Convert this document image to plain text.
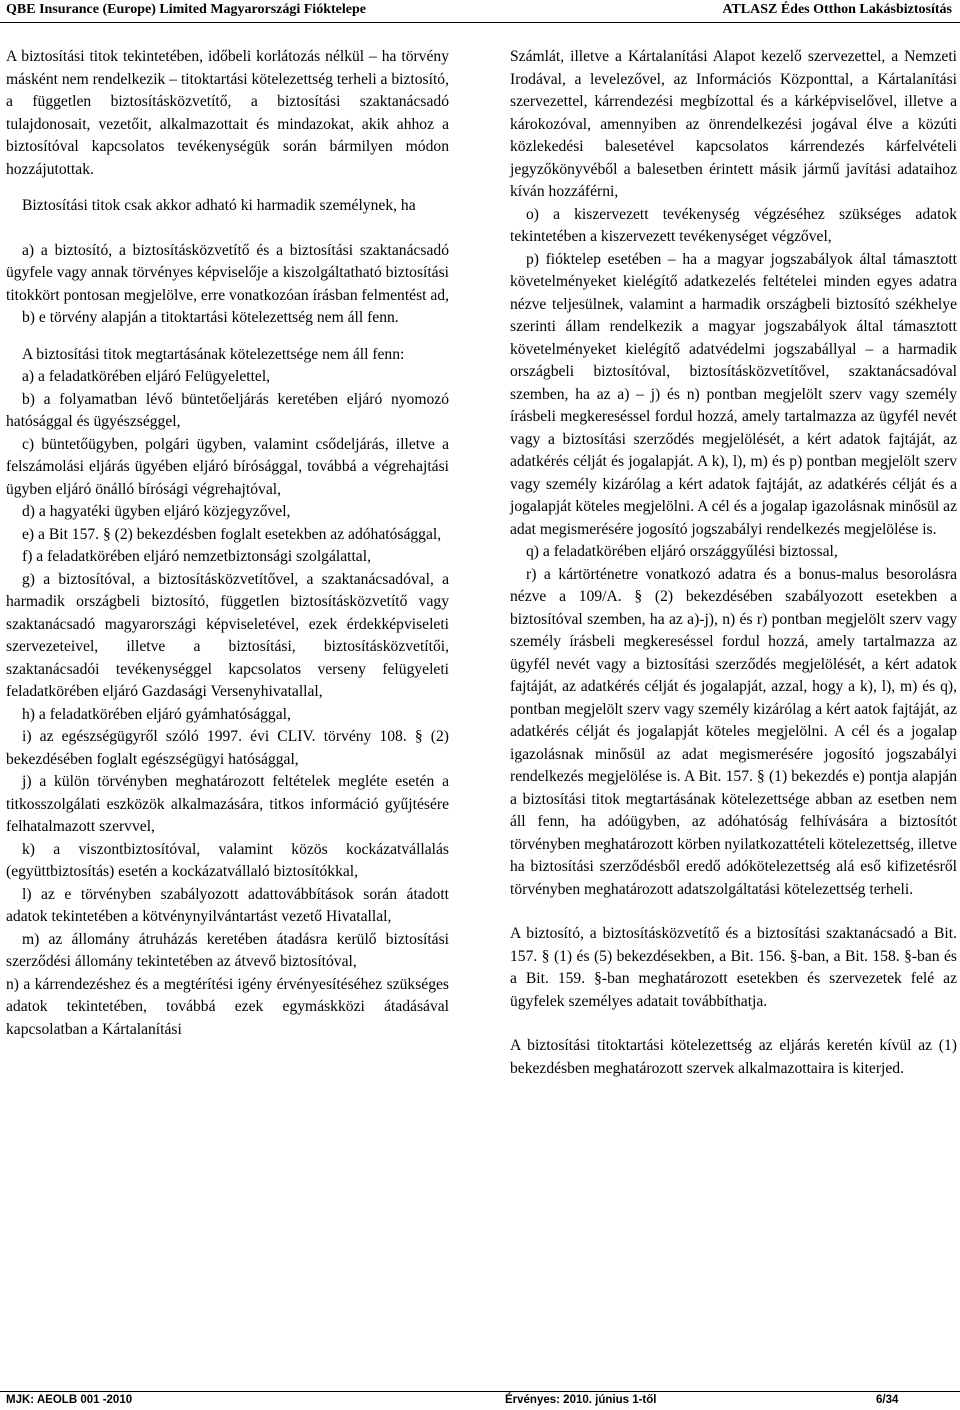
QBE Insurance (Europe) Limited Magyarországi Fióktelepe	ATLASZ Édes Otthon Lakásbiztosítás

A biztosítási titok tekintetében, időbeli korlátozás nélkül – ha törvény másként nem rendelkezik – titoktartási kötelezettség terheli a biztosító, a független biztosításközvetítő, a biztosítási szaktanácsadó tulajdonosait, vezetőit, alkalmazottait és mindazokat, akik ahhoz a biztosítóval kapcsolatos tevékenységük során bármilyen módon hozzájutottak.

Biztosítási titok csak akkor adható ki harmadik személynek, ha

a) a biztosító, a biztosításközvetítő és a biztosítási szaktanácsadó ügyfele vagy annak törvényes képviselője a kiszolgáltatható biztosítási titokkört pontosan megjelölve, erre vonatkozóan írásban felmentést ad,

b) e törvény alapján a titoktartási kötelezettség nem áll fenn.

A biztosítási titok megtartásának kötelezettsége nem áll fenn:

a) a feladatkörében eljáró Felügyelettel,

b) a folyamatban lévő büntetőeljárás keretében eljáró nyomozó hatósággal és ügyészséggel,

c) büntetőügyben, polgári ügyben, valamint csődeljárás, illetve a felszámolási eljárás ügyében eljáró bírósággal, továbbá a végrehajtási ügyben eljáró önálló bírósági végrehajtóval,

d) a hagyatéki ügyben eljáró közjegyzővel,

e) a Bit 157. § (2) bekezdésben foglalt esetekben az adóhatósággal,

f) a feladatkörében eljáró nemzetbiztonsági szolgálattal,

g) a biztosítóval, a biztosításközvetítővel, a szaktanácsadóval, a harmadik országbeli biztosító, független biztosításközvetítő vagy szaktanácsadó magyarországi képviseletével, ezek érdekképviseleti szervezeteivel, illetve a biztosítási, biztosításközvetítői, szaktanácsadói tevékenységgel kapcsolatos verseny felügyeleti feladatkörében eljáró Gazdasági Versenyhivatallal,

h) a feladatkörében eljáró gyámhatósággal,

i) az egészségügyről szóló 1997. évi CLIV. törvény 108. § (2) bekezdésében foglalt egészségügyi hatósággal,

j) a külön törvényben meghatározott feltételek megléte esetén a titkosszolgálati eszközök alkalmazására, titkos információ gyűjtésére felhatalmazott szervvel,

k) a viszontbiztosítóval, valamint közös kockázatvállalás (együttbiztosítás) esetén a kockázatvállaló biztosítókkal,

l) az e törvényben szabályozott adattovábbítások során átadott adatok tekintetében a kötvénynyilvántartást vezető Hivatallal,

m) az állomány átruházás keretében átadásra kerülő biztosítási szerződési állomány tekintetében az átvevő biztosítóval,

n) a kárrendezéshez és a megtérítési igény érvényesítéséhez szükséges adatok tekintetében, továbbá ezek egymáskközi átadásával kapcsolatban a Kártalanítási

Számlát, illetve a Kártalanítási Alapot kezelő szervezettel, a Nemzeti Irodával, a levelezővel, az Információs Központtal, a Kártalanítási szervezettel, kárrendezési megbízottal és a kárképviselővel, illetve a károkozóval, amennyiben az önrendelkezési jogával élve a közúti közlekedési balesetével kapcsolatos kárrendezés kárfelvételi jegyzőkönyvéből a balesetben érintett másik jármű javítási adataihoz kíván hozzáférni,

o) a kiszervezett tevékenység végzéséhez szükséges adatok tekintetében a kiszervezett tevékenységet végzővel,

p) fióktelep esetében – ha a magyar jogszabályok által támasztott követelményeket kielégítő adatkezelés feltételei minden egyes adatra nézve teljesülnek, valamint a harmadik országbeli biztosító székhelye szerinti állam rendelkezik a magyar jogszabályok által támasztott követelményeket kielégítő adatvédelmi jogszabállyal – a harmadik országbeli biztosítóval, biztosításközvetítővel, szaktanácsadóval szemben, ha az a) – j) és n) pontban megjelölt szerv vagy személy írásbeli megkereséssel fordul hozzá, amely tartalmazza az ügyfél nevét vagy a biztosítási szerződés megjelölését, a kért adatok fajtáját, az adatkérés célját és jogalapját. A k), l), m) és p) pontban megjelölt szerv vagy személy kizárólag a kért adatok fajtáját, az adatkérés célját és a jogalapját köteles megjelölni. A cél és a jogalap igazolásnak minősül az adat megismerésére jogosító jogszabályi rendelkezés megjelölése is.

q) a feladatkörében eljáró országgyűlési biztossal,

r) a kártörténetre vonatkozó adatra és a bonus-malus besorolásra nézve a 109/A. § (2) bekezdésében szabályozott esetekben a biztosítóval szemben, ha az a)-j), n) és r) pontban megjelölt szerv vagy személy írásbeli megkereséssel fordul hozzá, amely tartalmazza az ügyfél nevét vagy a biztosítási szerződés megjelölését, a kért adatok fajtáját, az adatkérés célját és jogalapját, azzal, hogy a k), l), m) és q), pontban megjelölt szerv vagy személy kizárólag a kért aatok fajtáját, az adatkérés célját és jogalapját köteles megjelölni. A cél és a jogalap igazolásnak minősül az adat megismerésére jogosító jogszabályi rendelkezés megjelölése is. A Bit. 157. § (1) bekezdés e) pontja alapján a biztosítási titok megtartásának kötelezettsége abban az esetben nem áll fenn, ha adóügyben, az adóhatóság felhívására a biztosítót törvényben meghatározott körben nyilatkozattételi kötelezettség, illetve ha biztosítási szerződésből eredő adókötelezettség alá eső kifizetésről törvényben meghatározott adatszolgáltatási kötelezettség terheli.

A biztosító, a biztosításközvetítő és a biztosítási szaktanácsadó a Bit. 157. § (1) és (5) bekezdésekben, a Bit. 156. §-ban, a Bit. 158. §-ban és a Bit. 159. §-ban meghatározott esetekben és szervezetek felé az ügyfelek személyes adatait továbbíthatja.

A biztosítási titoktartási kötelezettség az eljárás keretén kívül az (1) bekezdésben meghatározott szervek alkalmazottaira is kiterjed.

MJK: AEOLB 001 -2010	Érvényes: 2010. június 1-től	6/34
